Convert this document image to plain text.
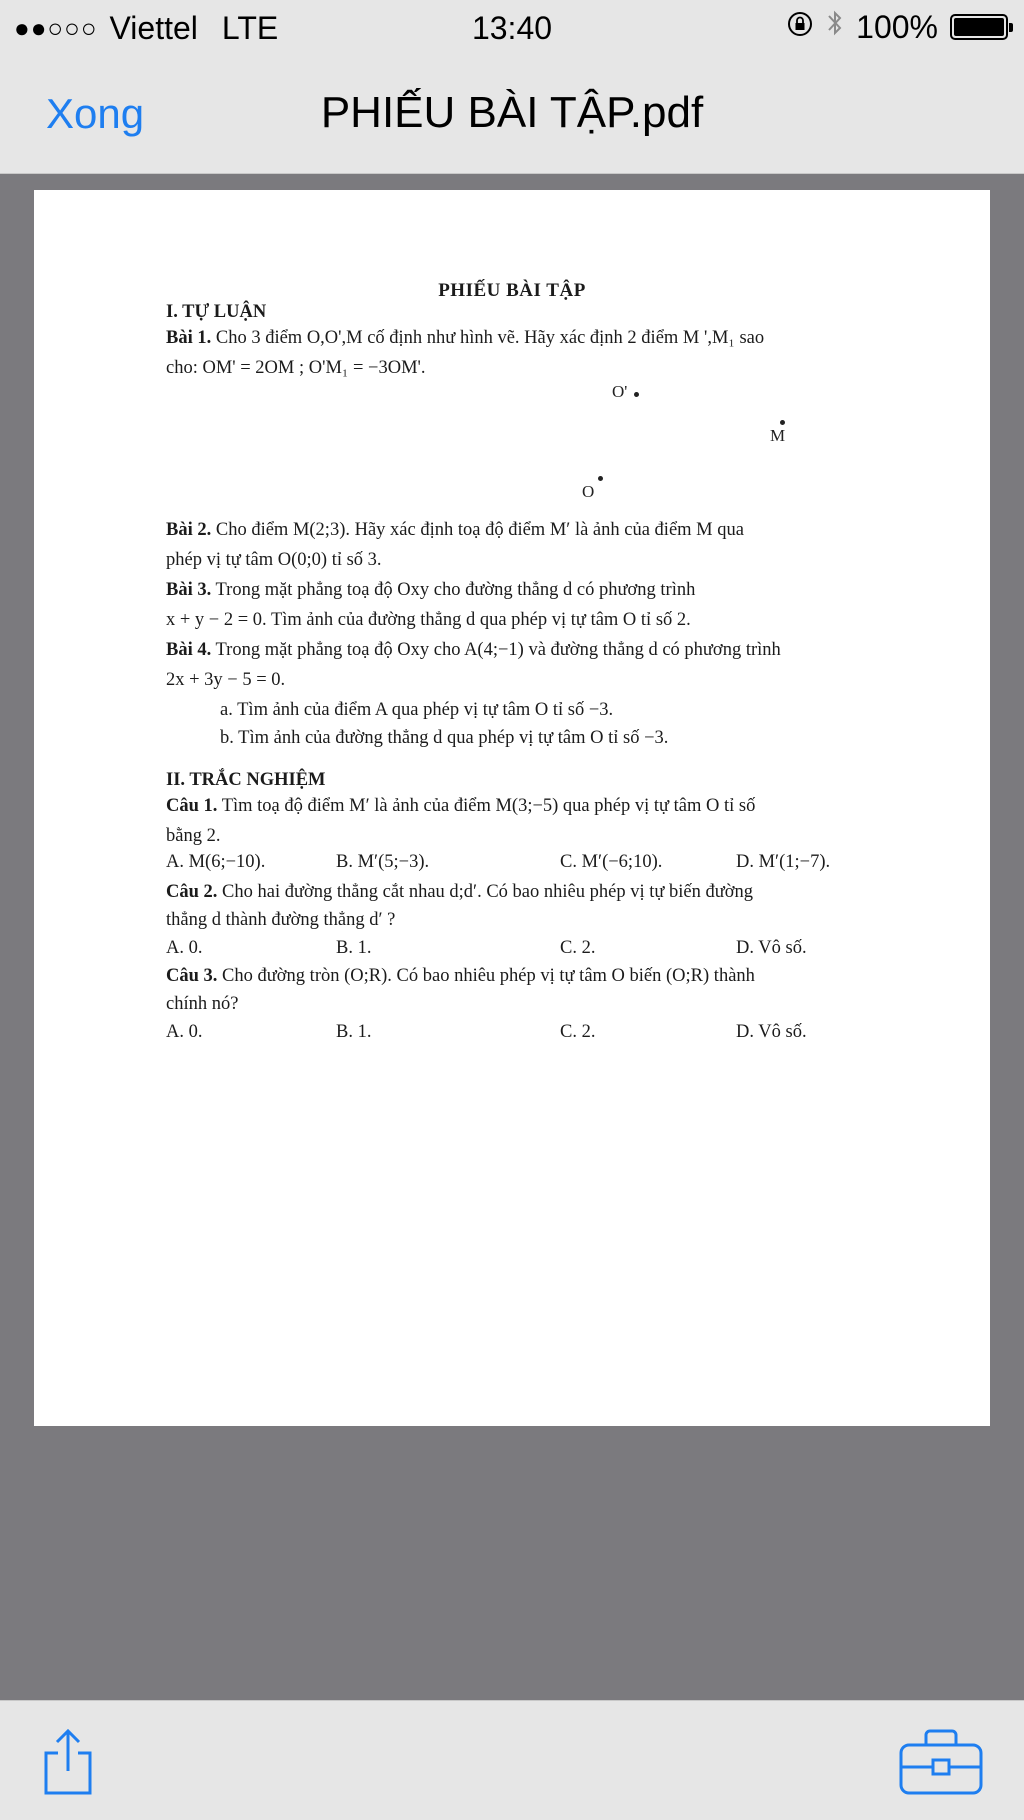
●●○○○ Viettel LTE	13:40	100%
Xong	PHIẾU BÀI TẬP.pdf
PHIẾU BÀI TẬP
I. TỰ LUẬN
Bài 1. Cho 3 điểm O,O',M cố định như hình vẽ. Hãy xác định 2 điểm M ',M₁ sao
cho: OM' = 2OM ; O'M₁ = −3OM'.
O'
M
O
Bài 2. Cho điểm M(2;3). Hãy xác định toạ độ điểm M′ là ảnh của điểm M qua
phép vị tự tâm O(0;0) tỉ số 3.
Bài 3. Trong mặt phẳng toạ độ Oxy cho đường thẳng d có phương trình
x + y − 2 = 0. Tìm ảnh của đường thẳng d qua phép vị tự tâm O tỉ số 2.
Bài 4. Trong mặt phẳng toạ độ Oxy cho A(4;−1) và đường thẳng d có phương trình
2x + 3y − 5 = 0.
a. Tìm ảnh của điểm A qua phép vị tự tâm O tỉ số −3.
b. Tìm ảnh của đường thẳng d qua phép vị tự tâm O tỉ số −3.
II. TRẮC NGHIỆM
Câu 1. Tìm toạ độ điểm M′ là ảnh của điểm M(3;−5) qua phép vị tự tâm O tỉ số
bằng 2.
A. M(6;−10).	B. M′(5;−3).	C. M′(−6;10).	D. M′(1;−7).
Câu 2. Cho hai đường thẳng cắt nhau d;d′. Có bao nhiêu phép vị tự biến đường
thẳng d thành đường thẳng d′ ?
A. 0.	B. 1.	C. 2.	D. Vô số.
Câu 3. Cho đường tròn (O;R). Có bao nhiêu phép vị tự tâm O biến (O;R) thành
chính nó?
A. 0.	B. 1.	C. 2.	D. Vô số.
